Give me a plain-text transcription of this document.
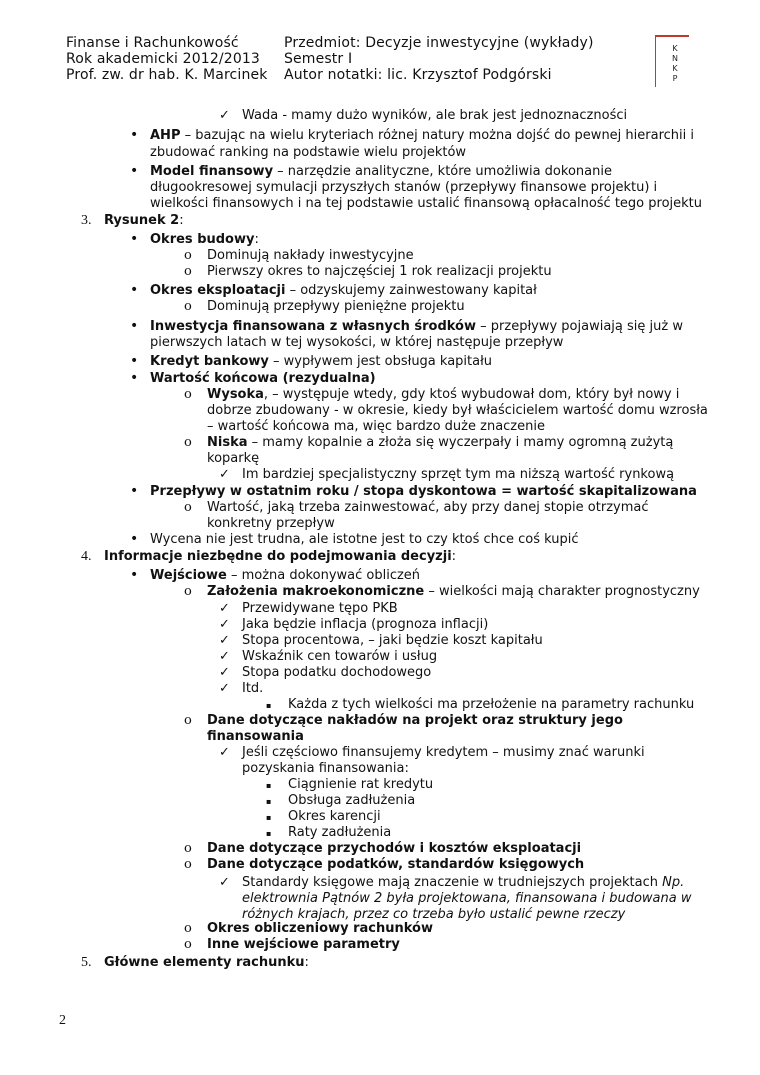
Finanse i Rachunkowość
Rok akademicki 2012/2013
Prof. zw. dr hab. K. Marcinek
Przedmiot: Decyzje inwestycyjne (wykłady)
Semestr I
Autor notatki: lic. Krzysztof Podgórski
K
N
K
P
✓ Wada - mamy dużo wyników, ale brak jest jednoznaczności
• AHP – bazując na wielu kryteriach różnej natury można dojść do pewnej hierarchii i
zbudować ranking na podstawie wielu projektów
• Model finansowy – narzędzie analityczne, które umożliwia dokonanie
długookresowej symulacji przyszłych stanów (przepływy finansowe projektu) i
wielkości finansowych i na tej podstawie ustalić finansową opłacalność tego projektu
3. Rysunek 2:
• Okres budowy:
o Dominują nakłady inwestycyjne
o Pierwszy okres to najczęściej 1 rok realizacji projektu
• Okres eksploatacji – odzyskujemy zainwestowany kapitał
o Dominują przepływy pieniężne projektu
• Inwestycja finansowana z własnych środków – przepływy pojawiają się już w
pierwszych latach w tej wysokości, w której następuje przepływ
• Kredyt bankowy – wypływem jest obsługa kapitału
• Wartość końcowa (rezydualna)
o Wysoka, – występuje wtedy, gdy ktoś wybudował dom, który był nowy i
dobrze zbudowany - w okresie, kiedy był właścicielem wartość domu wzrosła
– wartość końcowa ma, więc bardzo duże znaczenie
o Niska – mamy kopalnie a złoża się wyczerpały i mamy ogromną zużytą
koparkę
✓ Im bardziej specjalistyczny sprzęt tym ma niższą wartość rynkową
• Przepływy w ostatnim roku / stopa dyskontowa = wartość skapitalizowana
o Wartość, jaką trzeba zainwestować, aby przy danej stopie otrzymać
konkretny przepływ
• Wycena nie jest trudna, ale istotne jest to czy ktoś chce coś kupić
4. Informacje niezbędne do podejmowania decyzji:
• Wejściowe – można dokonywać obliczeń
o Założenia makroekonomiczne – wielkości mają charakter prognostyczny
✓ Przewidywane tępo PKB
✓ Jaka będzie inflacja (prognoza inflacji)
✓ Stopa procentowa, – jaki będzie koszt kapitału
✓ Wskaźnik cen towarów i usług
✓ Stopa podatku dochodowego
✓ Itd.
▪ Każda z tych wielkości ma przełożenie na parametry rachunku
o Dane dotyczące nakładów na projekt oraz struktury jego
finansowania
✓ Jeśli częściowo finansujemy kredytem – musimy znać warunki
pozyskania finansowania:
▪ Ciągnienie rat kredytu
▪ Obsługa zadłużenia
▪ Okres karencji
▪ Raty zadłużenia
o Dane dotyczące przychodów i kosztów eksploatacji
o Dane dotyczące podatków, standardów księgowych
✓ Standardy księgowe mają znaczenie w trudniejszych projektach Np.
elektrownia Pątnów 2 była projektowana, finansowana i budowana w
różnych krajach, przez co trzeba było ustalić pewne rzeczy
o Okres obliczeniowy rachunków
o Inne wejściowe parametry
5. Główne elementy rachunku:
2
